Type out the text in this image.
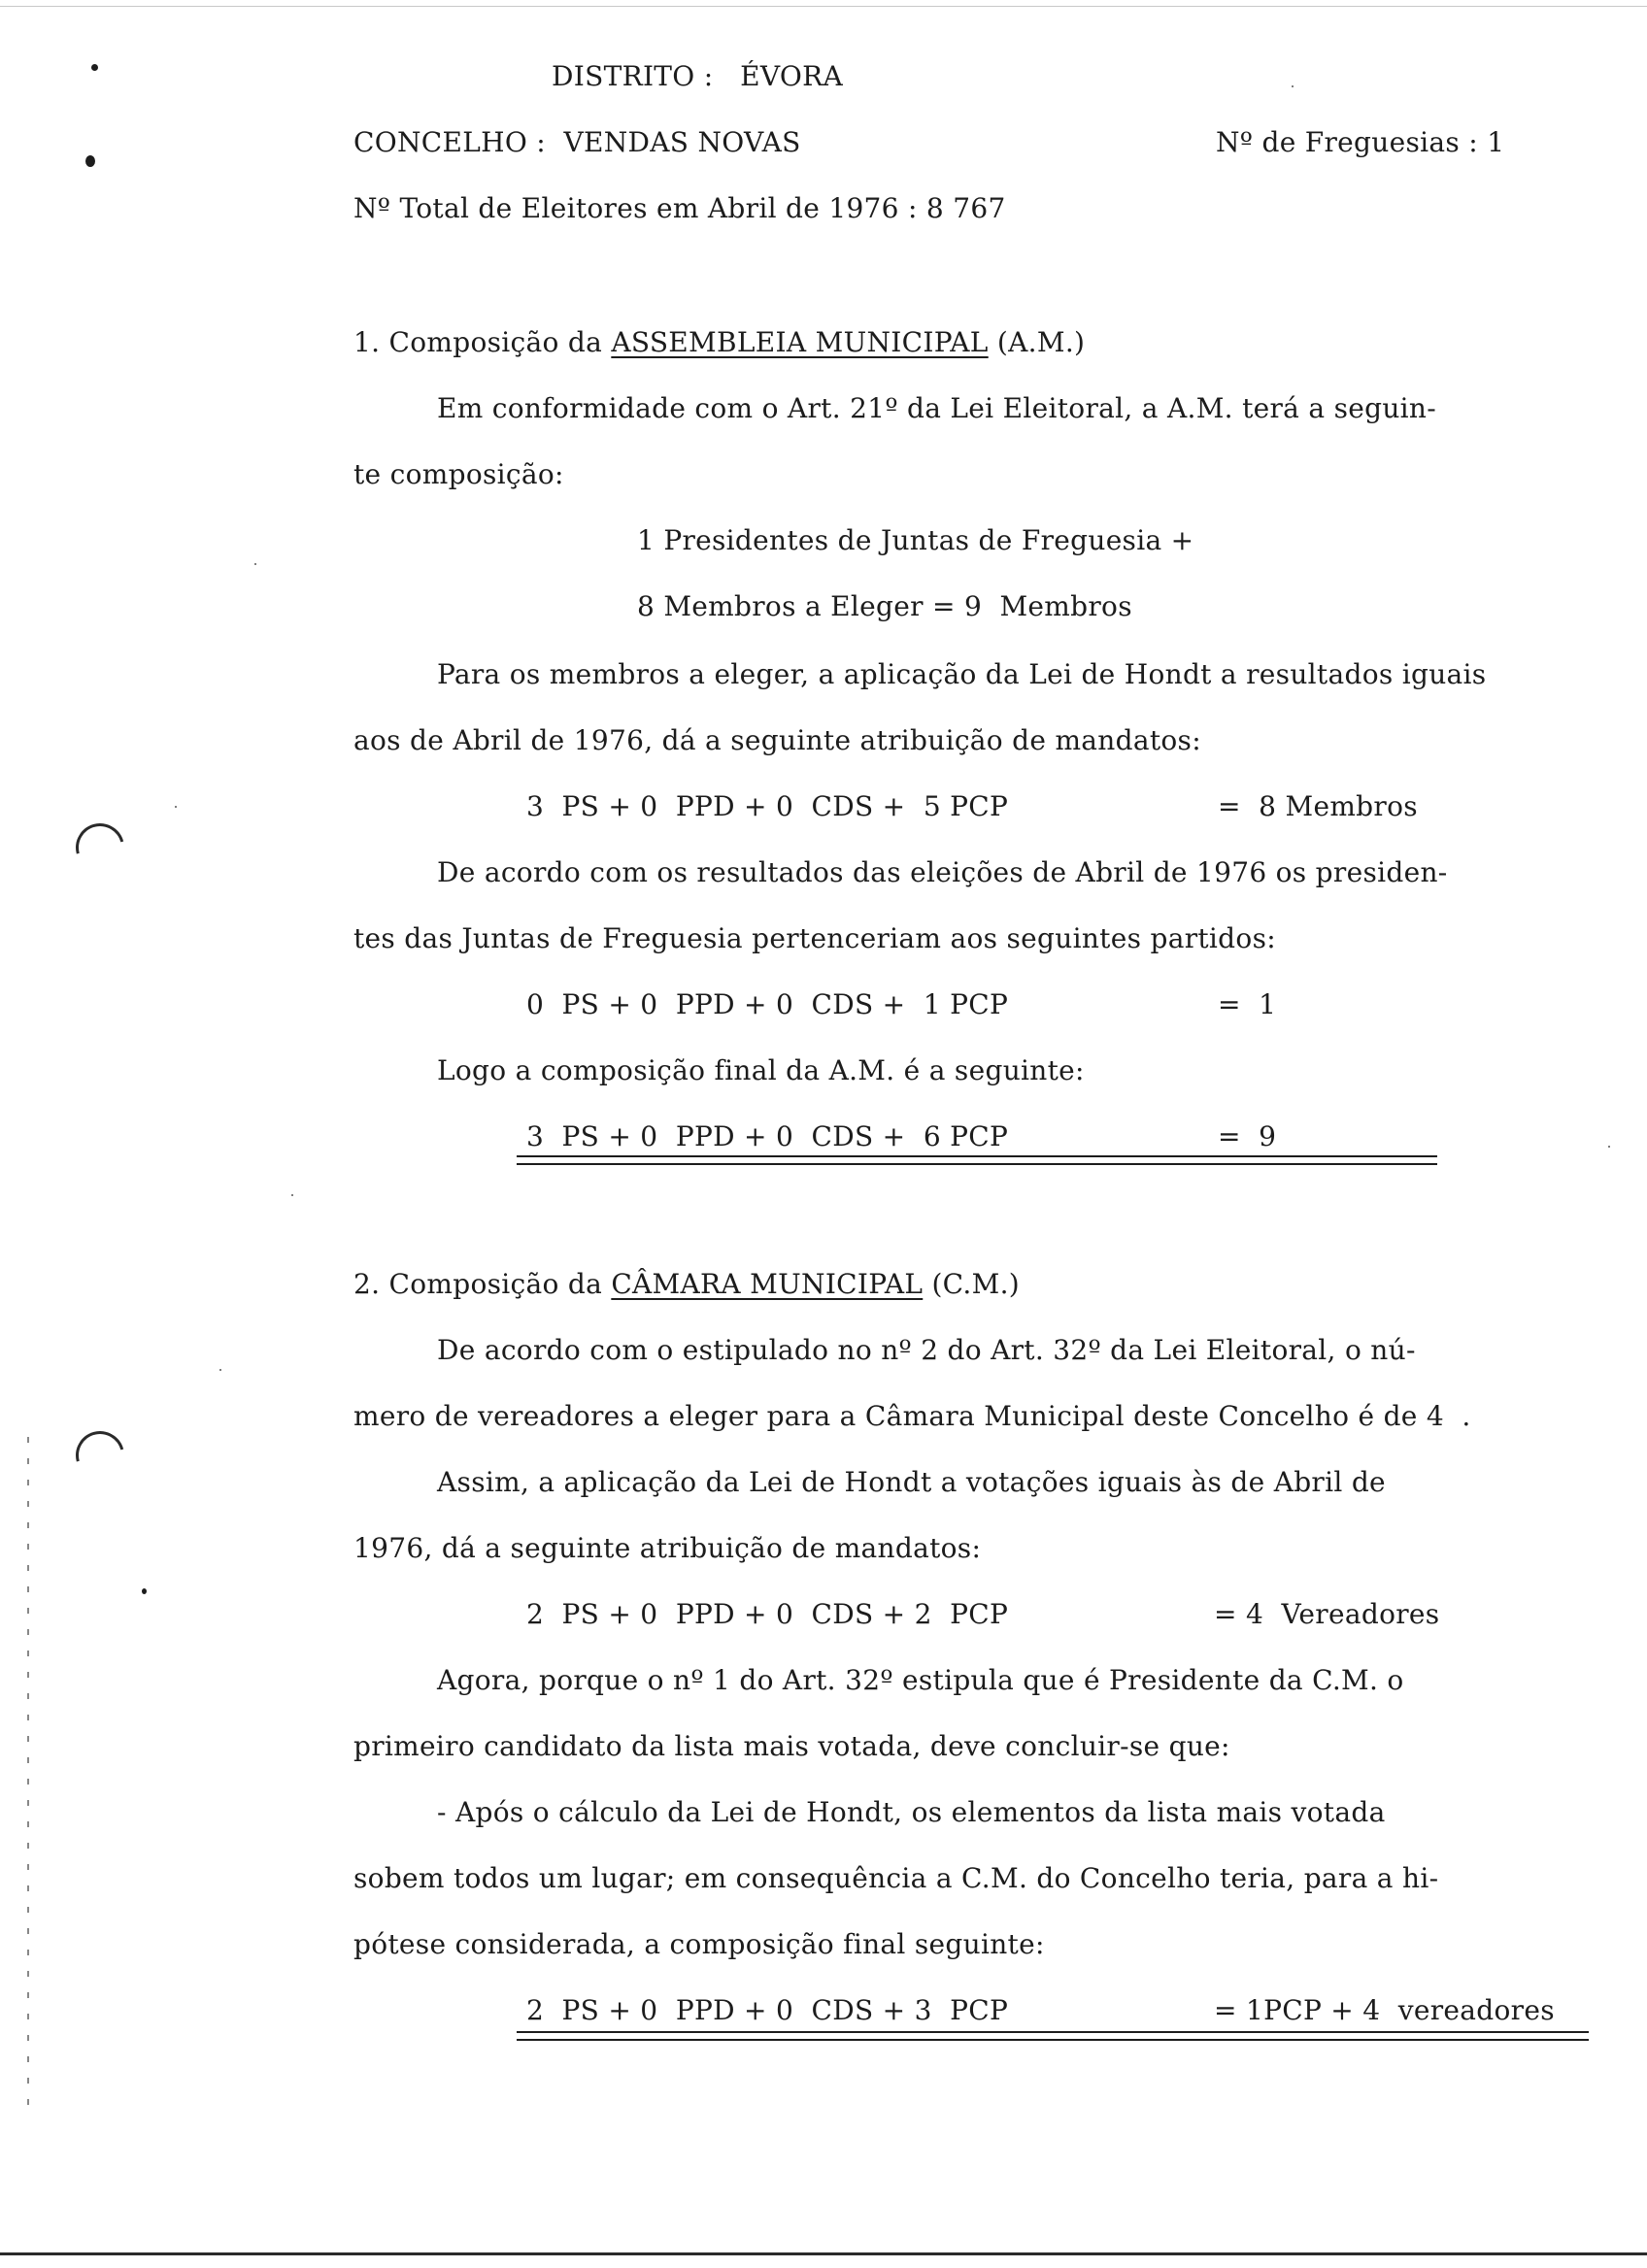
DISTRITO :   ÉVORA
CONCELHO :  VENDAS NOVAS	Nº de Freguesias : 1
Nº Total de Eleitores em Abril de 1976 : 8 767
1. Composição da ASSEMBLEIA MUNICIPAL (A.M.)
Em conformidade com o Art. 21º da Lei Eleitoral, a A.M. terá a seguin-
te composição:
1 Presidentes de Juntas de Freguesia +
8 Membros a Eleger = 9  Membros
Para os membros a eleger, a aplicação da Lei de Hondt a resultados iguais
aos de Abril de 1976, dá a seguinte atribuição de mandatos:
3  PS + 0  PPD + 0  CDS +  5 PCP	=  8 Membros
De acordo com os resultados das eleições de Abril de 1976 os presiden-
tes das Juntas de Freguesia pertenceriam aos seguintes partidos:
0  PS + 0  PPD + 0  CDS +  1 PCP	=  1
Logo a composição final da A.M. é a seguinte:
3  PS + 0  PPD + 0  CDS +  6 PCP	=  9
2. Composição da CÂMARA MUNICIPAL (C.M.)
De acordo com o estipulado no nº 2 do Art. 32º da Lei Eleitoral, o nú-
mero de vereadores a eleger para a Câmara Municipal deste Concelho é de 4  .
Assim, a aplicação da Lei de Hondt a votações iguais às de Abril de
1976, dá a seguinte atribuição de mandatos:
2  PS + 0  PPD + 0  CDS + 2  PCP	= 4  Vereadores
Agora, porque o nº 1 do Art. 32º estipula que é Presidente da C.M. o
primeiro candidato da lista mais votada, deve concluir-se que:
- Após o cálculo da Lei de Hondt, os elementos da lista mais votada
sobem todos um lugar; em consequência a C.M. do Concelho teria, para a hi-
pótese considerada, a composição final seguinte:
2  PS + 0  PPD + 0  CDS + 3  PCP	= 1PCP + 4  vereadores
